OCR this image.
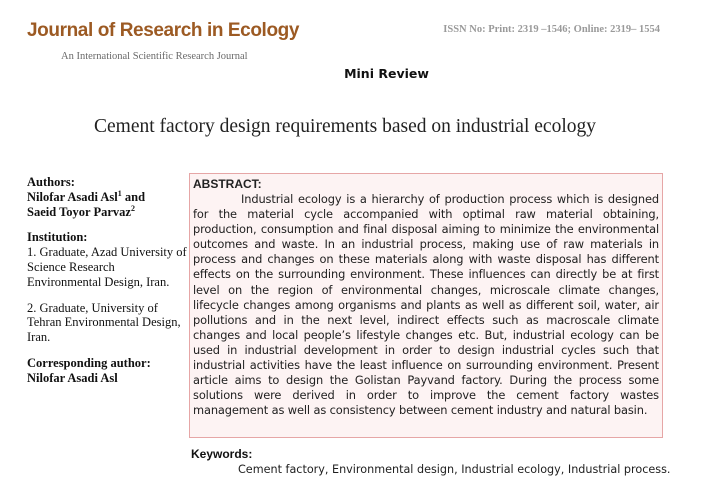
Journal of Research in Ecology
An International Scientific Research Journal
ISSN No: Print: 2319 –1546; Online: 2319– 1554
Mini Review
Cement factory design requirements based on industrial ecology
Authors:
Nilofar Asadi Asl$^1$ and
Saeid Toyor Parvaz$^2$
Institution:
1. Graduate, Azad University of Science Research Environmental Design, Iran.
2. Graduate, University of Tehran Environmental Design, Iran.
Corresponding author:
Nilofar Asadi Asl
ABSTRACT:

Industrial ecology is a hierarchy of production process which is designed for the material cycle accompanied with optimal raw material obtaining, production, consumption and final disposal aiming to minimize the environmental outcomes and waste. In an industrial process, making use of raw materials in process and changes on these materials along with waste disposal has different effects on the surrounding environment. These influences can directly be at first level on the region of environmental changes, microscale climate changes, lifecycle changes among organisms and plants as well as different soil, water, air pollutions and in the next level, indirect effects such as macroscale climate changes and local people’s lifestyle changes etc. But, industrial ecology can be used in industrial development in order to design industrial cycles such that industrial activities have the least influence on surrounding environment. Present article aims to design the Golistan Payvand factory. During the process some solutions were derived in order to improve the cement factory wastes management as well as consistency between cement industry and natural basin.

Keywords:
Cement factory, Environmental design, Industrial ecology, Industrial process.
